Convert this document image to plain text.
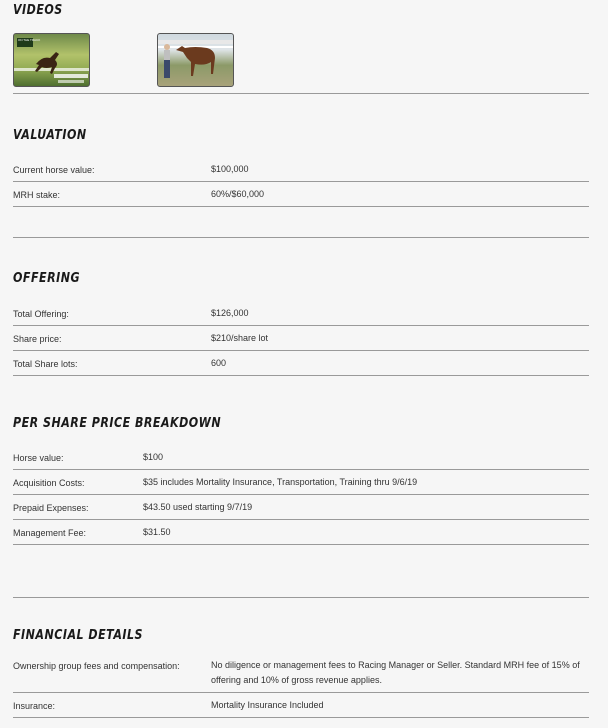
VIDEOS
ON THE TRACK
VALUATION
Current horse value:	$100,000
MRH stake:	60%/$60,000
OFFERING
Total Offering:	$126,000
Share price:	$210/share lot
Total Share lots:	600
PER SHARE PRICE BREAKDOWN
Horse value:	$100
Acquisition Costs:	$35 includes Mortality Insurance, Transportation, Training thru 9/6/19
Prepaid Expenses:	$43.50 used starting 9/7/19
Management Fee:	$31.50
FINANCIAL DETAILS
Ownership group fees and compensation:	No diligence or management fees to Racing Manager or Seller. Standard MRH fee of 15% of offering and 10% of gross revenue applies.
Insurance:	Mortality Insurance Included
